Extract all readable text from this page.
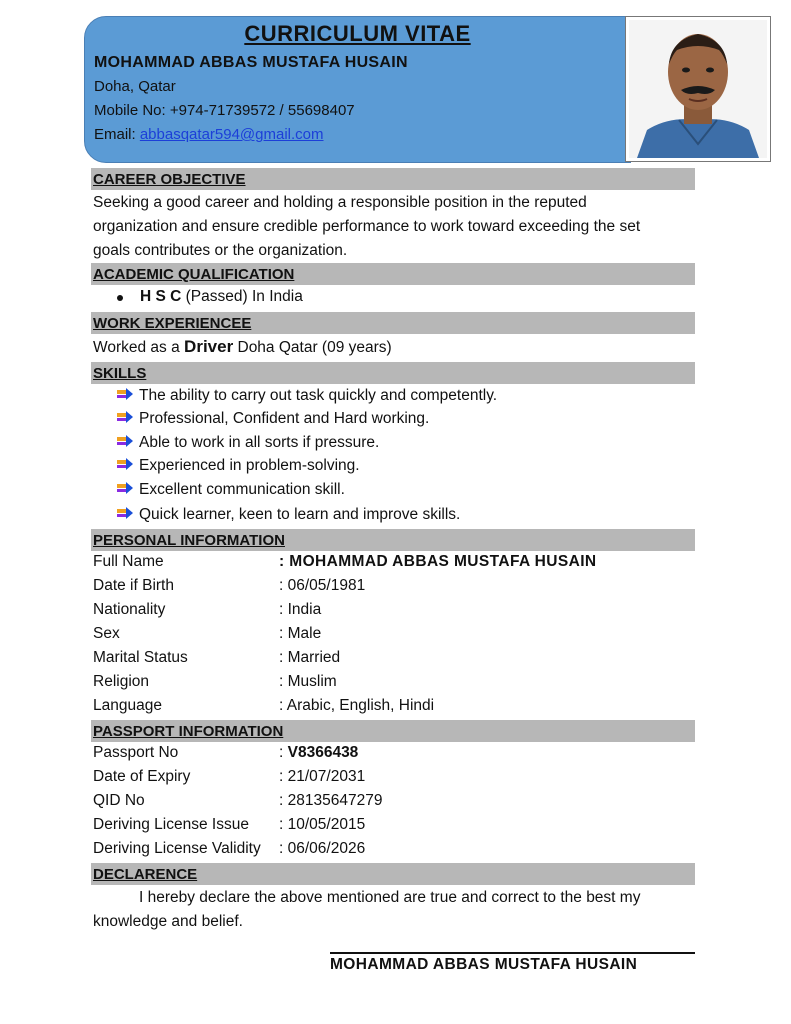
CURRICULUM VITAE
MOHAMMAD ABBAS MUSTAFA HUSAIN
Doha, Qatar
Mobile No: +974-71739572 / 55698407
Email: abbasqatar594@gmail.com
CAREER OBJECTIVE
Seeking a good career and holding a responsible position in the reputed
organization and ensure credible performance to work toward exceeding the set
goals contributes or the organization.
ACADEMIC QUALIFICATION
H S C (Passed) In India
WORK EXPERIENCEE
Worked as a Driver Doha Qatar (09 years)
SKILLS
The ability to carry out task quickly and competently.
Professional, Confident and Hard working.
Able to work in all sorts if pressure.
Experienced in problem-solving.
Excellent communication skill.
Quick learner, keen to learn and improve skills.
PERSONAL INFORMATION
Full Name	: MOHAMMAD ABBAS MUSTAFA HUSAIN
Date if Birth	: 06/05/1981
Nationality	: India
Sex	: Male
Marital Status	: Married
Religion	: Muslim
Language	: Arabic, English, Hindi
PASSPORT INFORMATION
Passport No	: V8366438
Date of Expiry	: 21/07/2031
QID No	: 28135647279
Deriving License Issue : 10/05/2015
Deriving License Validity : 06/06/2026
DECLARENCE
I hereby declare the above mentioned are true and correct to the best my
knowledge and belief.
MOHAMMAD ABBAS MUSTAFA HUSAIN
